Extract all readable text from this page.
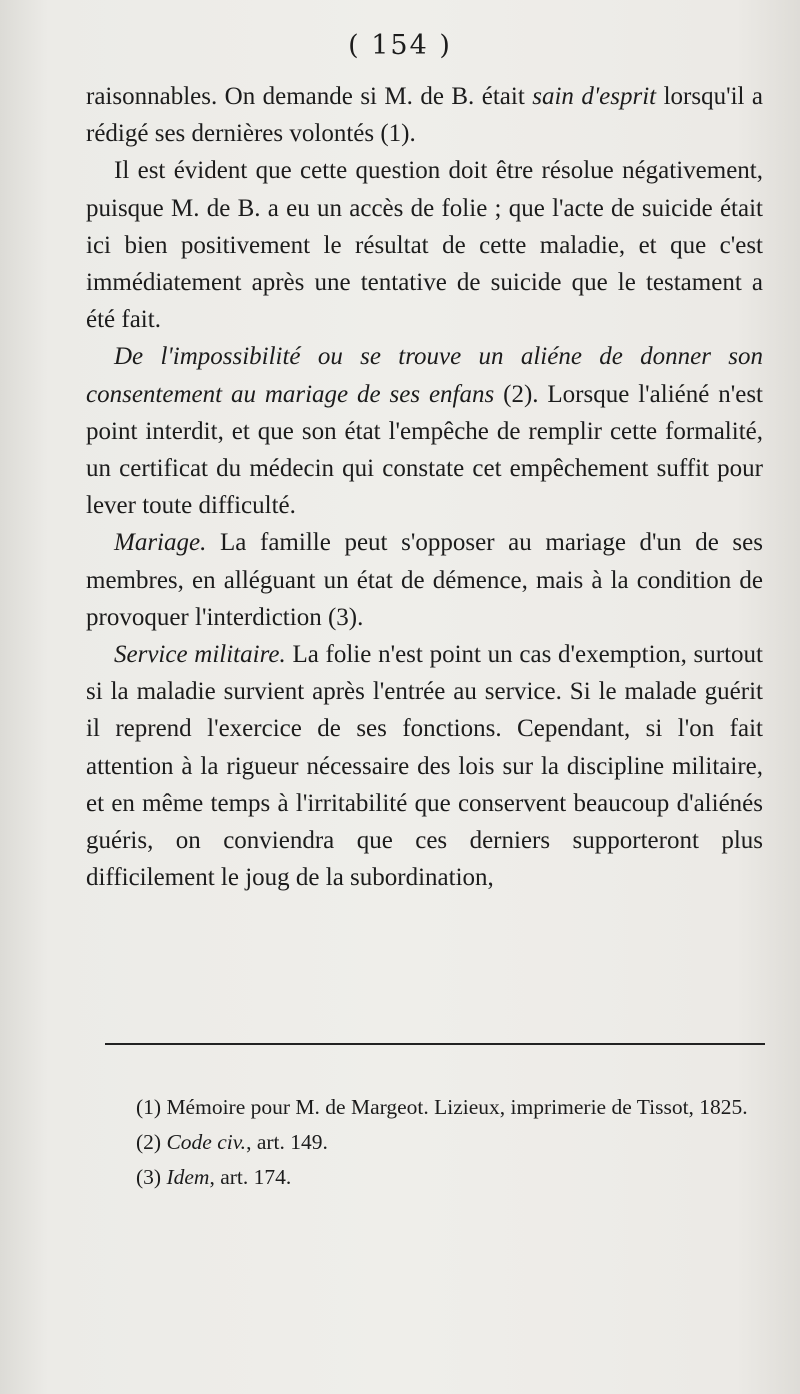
( 154 )

raisonnables. On demande si M. de B. était sain d'esprit lorsqu'il a rédigé ses dernières volontés (1).

Il est évident que cette question doit être résolue négativement, puisque M. de B. a eu un accès de folie ; que l'acte de suicide était ici bien positivement le résultat de cette maladie, et que c'est immédiatement après une tentative de suicide que le testament a été fait.

De l'impossibilité ou se trouve un aliéne de donner son consentement au mariage de ses enfans (2). Lorsque l'aliéné n'est point interdit, et que son état l'empêche de remplir cette formalité, un certificat du médecin qui constate cet empêchement suffit pour lever toute difficulté.

Mariage. La famille peut s'opposer au mariage d'un de ses membres, en alléguant un état de démence, mais à la condition de provoquer l'interdiction (3).

Service militaire. La folie n'est point un cas d'exemption, surtout si la maladie survient après l'entrée au service. Si le malade guérit il reprend l'exercice de ses fonctions. Cependant, si l'on fait attention à la rigueur nécessaire des lois sur la discipline militaire, et en même temps à l'irritabilité que conservent beaucoup d'aliénés guéris, on conviendra que ces derniers supporteront plus difficilement le joug de la subordination,

(1) Mémoire pour M. de Margeot. Lizieux, imprimerie de Tissot, 1825.

(2) Code civ., art. 149.

(3) Idem, art. 174.
